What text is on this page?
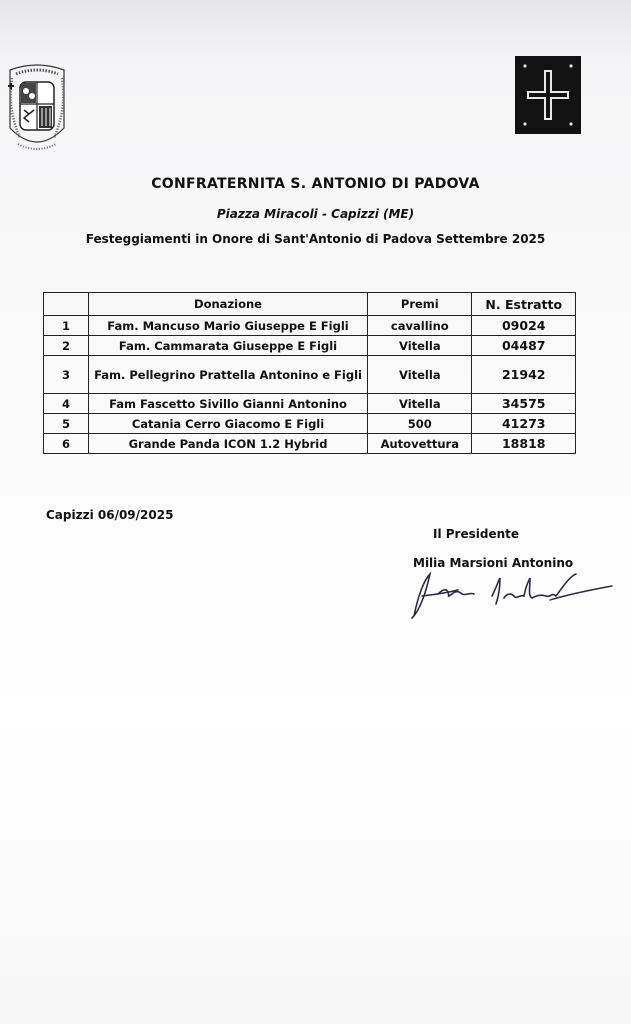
CONFRATERNITA S. ANTONIO DI PADOVA
Piazza Miracoli - Capizzi (ME)
Festeggiamenti in Onore di Sant'Antonio di Padova Settembre 2025
	Donazione	Premi	N. Estratto
1	Fam. Mancuso Mario Giuseppe E Figli	cavallino	09024
2	Fam. Cammarata Giuseppe E Figli	Vitella	04487
3	Fam. Pellegrino Prattella Antonino e Figli	Vitella	21942
4	Fam Fascetto Sivillo Gianni Antonino	Vitella	34575
5	Catania Cerro Giacomo E Figli	500	41273
6	Grande Panda ICON 1.2 Hybrid	Autovettura	18818
Capizzi 06/09/2025
Il Presidente
Milia Marsioni Antonino
